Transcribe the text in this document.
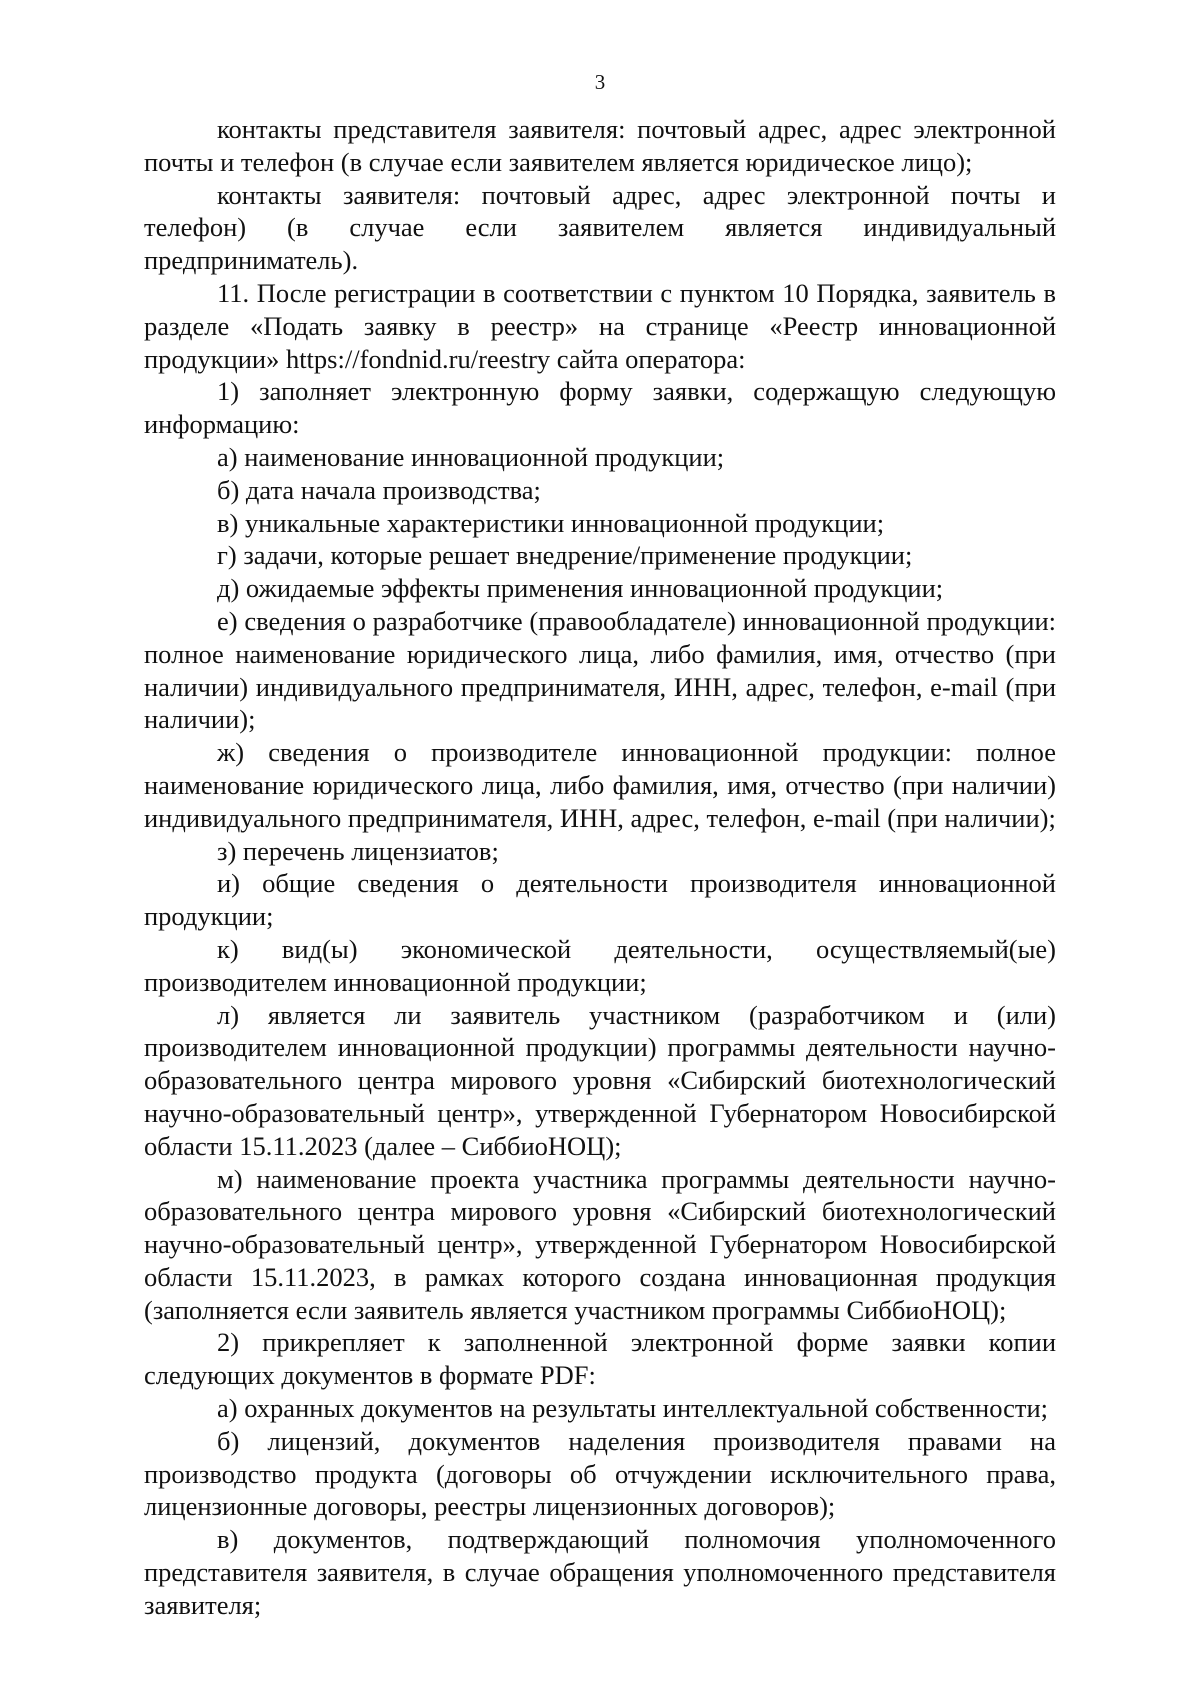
3

контакты представителя заявителя: почтовый адрес, адрес электронной почты и телефон (в случае если заявителем является юридическое лицо);

контакты заявителя: почтовый адрес, адрес электронной почты и телефон) (в случае если заявителем является индивидуальный предприниматель).

11. После регистрации в соответствии с пунктом 10 Порядка, заявитель в разделе «Подать заявку в реестр» на странице «Реестр инновационной продукции» https://fondnid.ru/reestry сайта оператора:

1) заполняет электронную форму заявки, содержащую следующую информацию:

а) наименование инновационной продукции;

б) дата начала производства;

в) уникальные характеристики инновационной продукции;

г) задачи, которые решает внедрение/применение продукции;

д) ожидаемые эффекты применения инновационной продукции;

е) сведения о разработчике (правообладателе) инновационной продукции: полное наименование юридического лица, либо фамилия, имя, отчество (при наличии) индивидуального предпринимателя, ИНН, адрес, телефон, e-mail (при наличии);

ж) сведения о производителе инновационной продукции: полное наименование юридического лица, либо фамилия, имя, отчество (при наличии) индивидуального предпринимателя, ИНН, адрес, телефон, e-mail (при наличии);

з) перечень лицензиатов;

и) общие сведения о деятельности производителя инновационной продукции;

к) вид(ы) экономической деятельности, осуществляемый(ые) производителем инновационной продукции;

л) является ли заявитель участником (разработчиком и (или) производителем инновационной продукции) программы деятельности научно-образовательного центра мирового уровня «Сибирский биотехнологический научно-образовательный центр», утвержденной Губернатором Новосибирской области 15.11.2023 (далее – СиббиоНОЦ);

м) наименование проекта участника программы деятельности научно-образовательного центра мирового уровня «Сибирский биотехнологический научно-образовательный центр», утвержденной Губернатором Новосибирской области 15.11.2023, в рамках которого создана инновационная продукция (заполняется если заявитель является участником программы СиббиоНОЦ);

2) прикрепляет к заполненной электронной форме заявки копии следующих документов в формате PDF:

а) охранных документов на результаты интеллектуальной собственности;

б) лицензий, документов наделения производителя правами на производство продукта (договоры об отчуждении исключительного права, лицензионные договоры, реестры лицензионных договоров);

в) документов, подтверждающий полномочия уполномоченного представителя заявителя, в случае обращения уполномоченного представителя заявителя;
